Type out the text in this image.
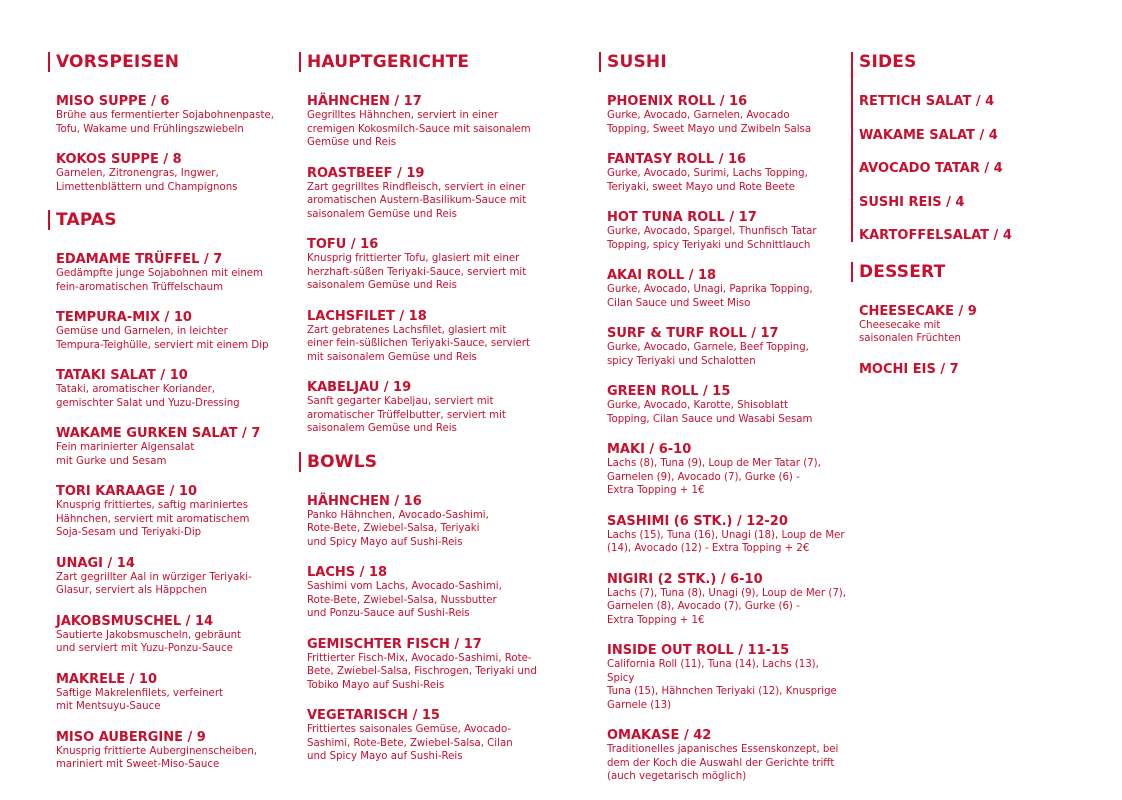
VORSPEISEN
MISO SUPPE / 6
Brühe aus fermentierter Sojabohnenpaste,
Tofu, Wakame und Frühlingszwiebeln
KOKOS SUPPE / 8
Garnelen, Zitronengras, Ingwer,
Limettenblättern und Champignons
TAPAS
EDAMAME TRÜFFEL / 7
Gedämpfte junge Sojabohnen mit einem
fein-aromatischen Trüffelschaum
TEMPURA-MIX / 10
Gemüse und Garnelen, in leichter
Tempura-Teighülle, serviert mit einem Dip
TATAKI SALAT / 10
Tataki, aromatischer Koriander,
gemischter Salat und Yuzu-Dressing
WAKAME GURKEN SALAT / 7
Fein marinierter Algensalat
mit Gurke und Sesam
TORI KARAAGE / 10
Knusprig frittiertes, saftig mariniertes
Hähnchen, serviert mit aromatischem
Soja-Sesam und Teriyaki-Dip
UNAGI / 14
Zart gegrillter Aal in würziger Teriyaki-
Glasur, serviert als Häppchen
JAKOBSMUSCHEL / 14
Sautierte Jakobsmuscheln, gebräunt
und serviert mit Yuzu-Ponzu-Sauce
MAKRELE / 10
Saftige Makrelenfilets, verfeinert
mit Mentsuyu-Sauce
MISO AUBERGINE / 9
Knusprig frittierte Auberginenscheiben,
mariniert mit Sweet-Miso-Sauce
HAUPTGERICHTE
HÄHNCHEN / 17
Gegrilltes Hähnchen, serviert in einer
cremigen Kokosmilch-Sauce mit saisonalem
Gemüse und Reis
ROASTBEEF / 19
Zart gegrilltes Rindfleisch, serviert in einer
aromatischen Austern-Basilikum-Sauce mit
saisonalem Gemüse und Reis
TOFU / 16
Knusprig frittierter Tofu, glasiert mit einer
herzhaft-süßen Teriyaki-Sauce, serviert mit
saisonalem Gemüse und Reis
LACHSFILET / 18
Zart gebratenes Lachsfilet, glasiert mit
einer fein-süßlichen Teriyaki-Sauce, serviert
mit saisonalem Gemüse und Reis
KABELJAU / 19
Sanft gegarter Kabeljau, serviert mit
aromatischer Trüffelbutter, serviert mit
saisonalem Gemüse und Reis
BOWLS
HÄHNCHEN / 16
Panko Hähnchen, Avocado-Sashimi,
Rote-Bete, Zwiebel-Salsa, Teriyaki
und Spicy Mayo auf Sushi-Reis
LACHS / 18
Sashimi vom Lachs, Avocado-Sashimi,
Rote-Bete, Zwiebel-Salsa, Nussbutter
und Ponzu-Sauce auf Sushi-Reis
GEMISCHTER FISCH / 17
Frittierter Fisch-Mix, Avocado-Sashimi, Rote-
Bete, Zwiebel-Salsa, Fischrogen, Teriyaki und
Tobiko Mayo auf Sushi-Reis
VEGETARISCH / 15
Frittiertes saisonales Gemüse, Avocado-
Sashimi, Rote-Bete, Zwiebel-Salsa, Cilan
und Spicy Mayo auf Sushi-Reis
SUSHI
PHOENIX ROLL / 16
Gurke, Avocado, Garnelen, Avocado
Topping, Sweet Mayo und Zwibeln Salsa
FANTASY ROLL / 16
Gurke, Avocado, Surimi, Lachs Topping,
Teriyaki, sweet Mayo und Rote Beete
HOT TUNA ROLL / 17
Gurke, Avocado, Spargel, Thunfisch Tatar
Topping, spicy Teriyaki und Schnittlauch
AKAI ROLL / 18
Gurke, Avocado, Unagi, Paprika Topping,
Cilan Sauce und Sweet Miso
SURF & TURF ROLL / 17
Gurke, Avocado, Garnele, Beef Topping,
spicy Teriyaki und Schalotten
GREEN ROLL / 15
Gurke, Avocado, Karotte, Shisoblatt
Topping, Cilan Sauce und Wasabi Sesam
MAKI / 6-10
Lachs (8), Tuna (9), Loup de Mer Tatar (7),
Garnelen (9), Avocado (7), Gurke (6) -
Extra Topping + 1€
SASHIMI (6 STK.) / 12-20
Lachs (15), Tuna (16), Unagi (18), Loup de Mer
(14), Avocado (12) - Extra Topping + 2€
NIGIRI (2 STK.) / 6-10
Lachs (7), Tuna (8), Unagi (9), Loup de Mer (7),
Garnelen (8), Avocado (7), Gurke (6) -
Extra Topping + 1€
INSIDE OUT ROLL / 11-15
California Roll (11), Tuna (14), Lachs (13), Spicy
Tuna (15), Hähnchen Teriyaki (12), Knusprige
Garnele (13)
OMAKASE / 42
Traditionelles japanisches Essenskonzept, bei
dem der Koch die Auswahl der Gerichte trifft
(auch vegetarisch möglich)
SIDES
RETTICH SALAT / 4
WAKAME SALAT / 4
AVOCADO TATAR / 4
SUSHI REIS / 4
KARTOFFELSALAT / 4
DESSERT
CHEESECAKE / 9
Cheesecake mit
saisonalen Früchten
MOCHI EIS / 7
